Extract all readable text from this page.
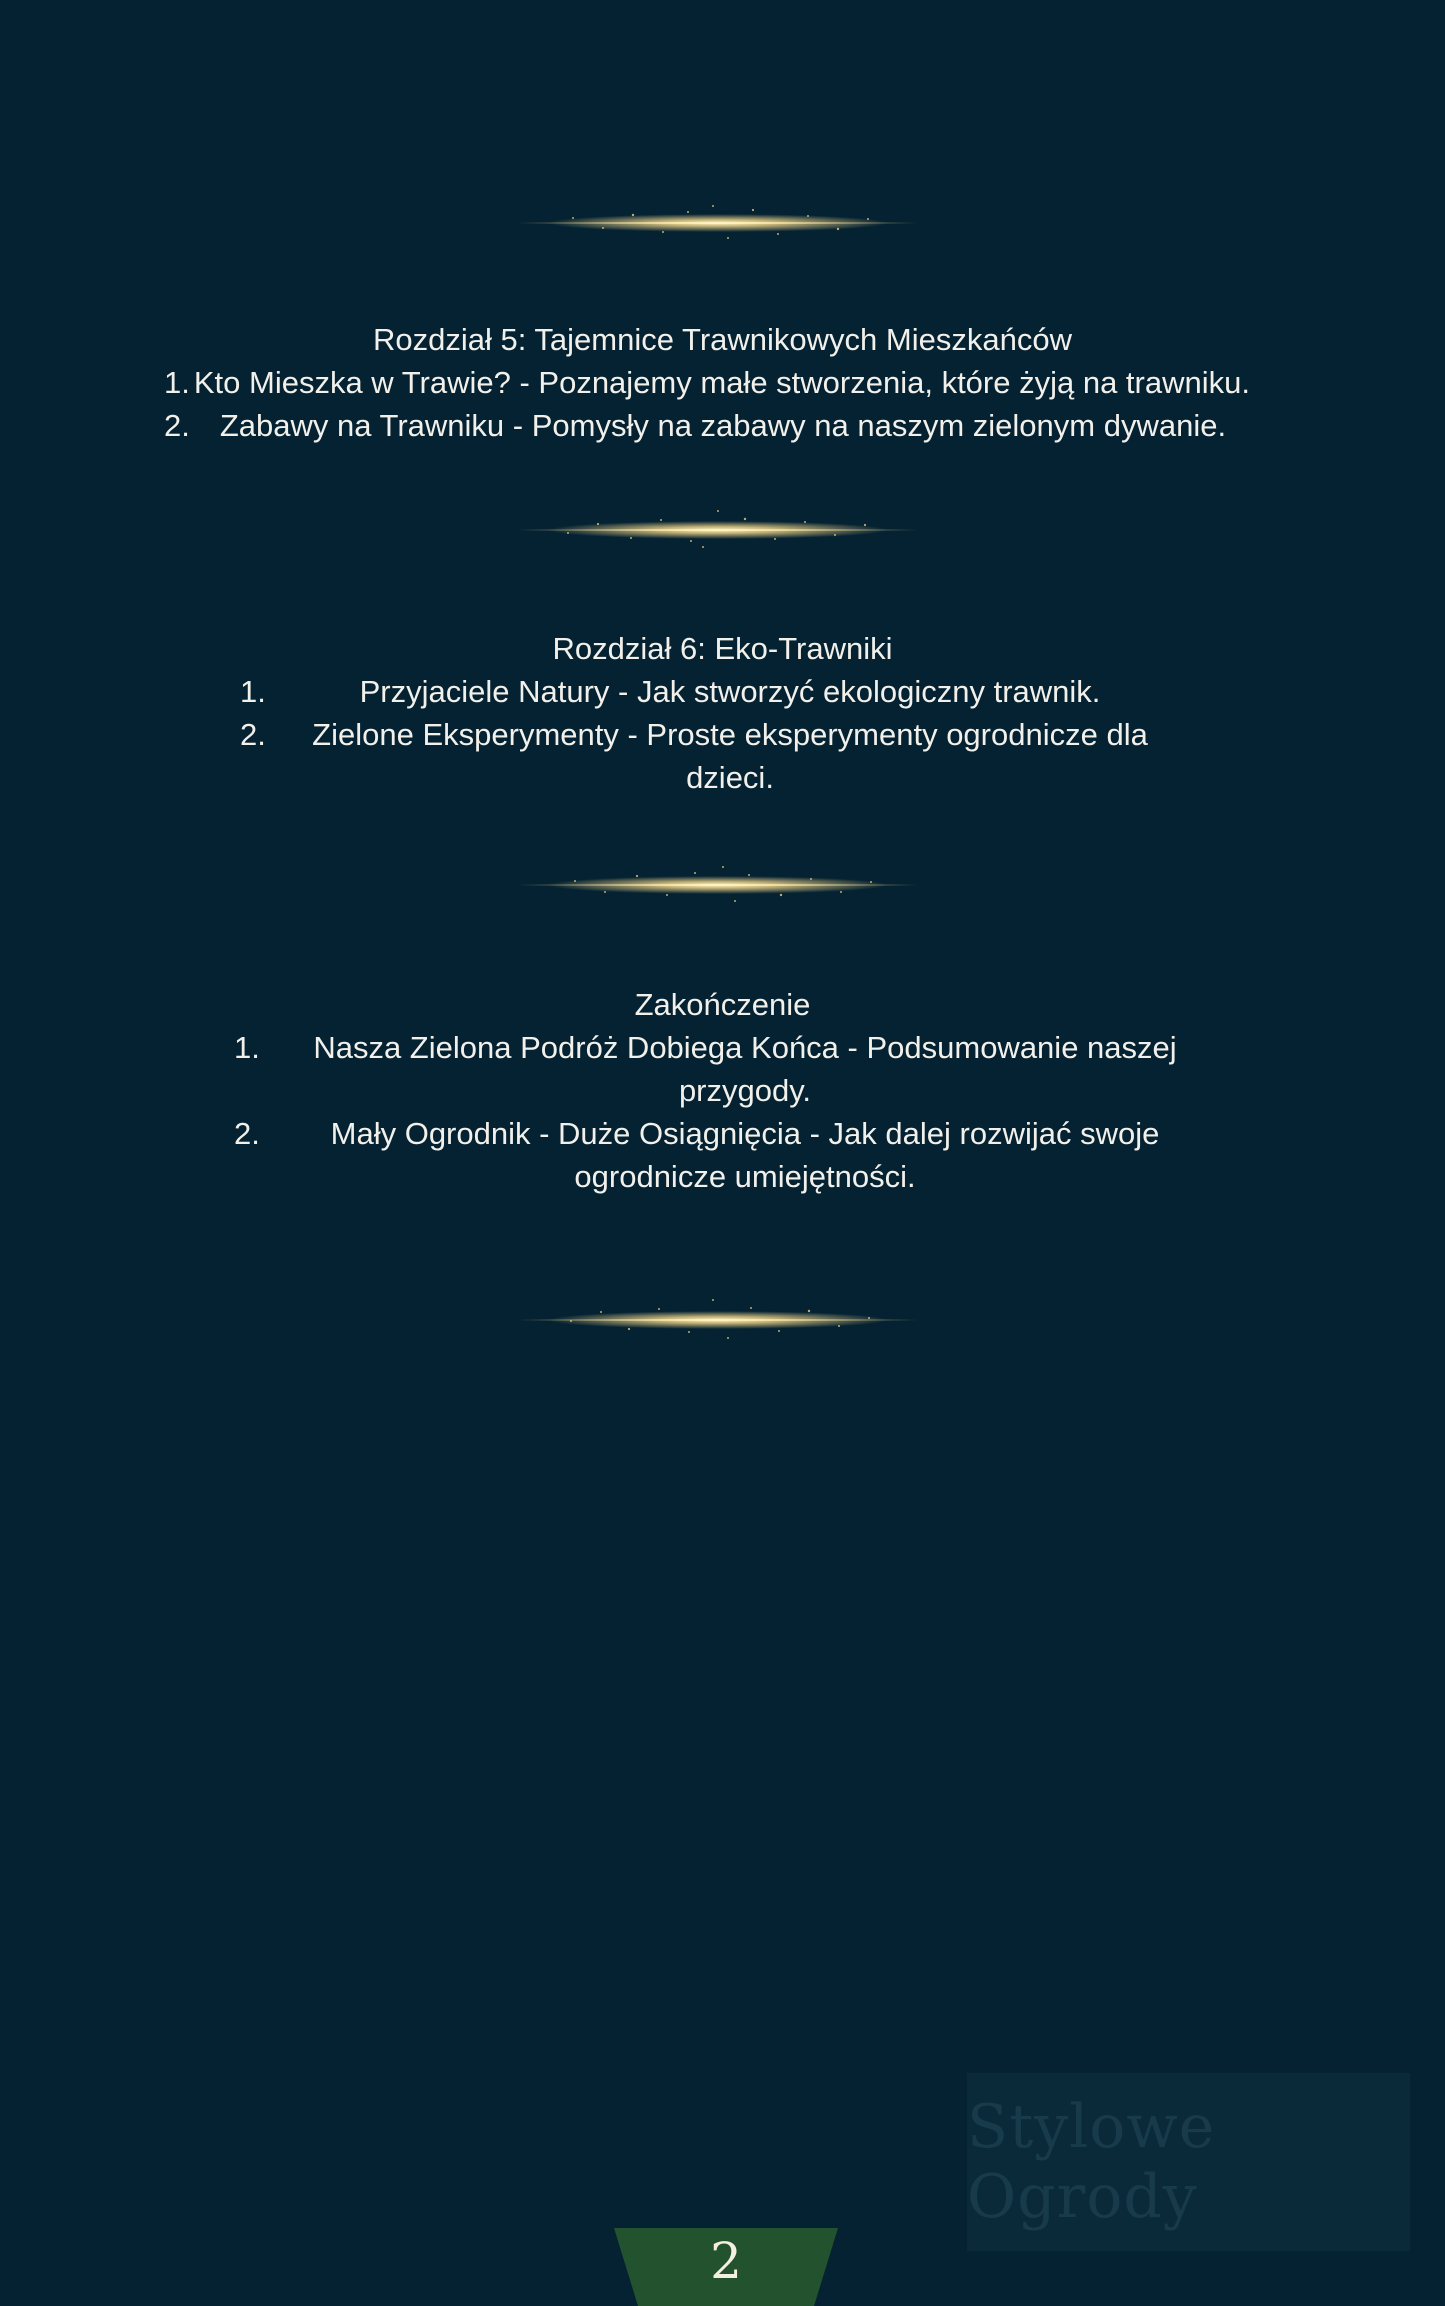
Rozdział 5: Tajemnice Trawnikowych Mieszkańców
1. Kto Mieszka w Trawie? - Poznajemy małe stworzenia, które żyją na trawniku.
2. Zabawy na Trawniku - Pomysły na zabawy na naszym zielonym dywanie.
Rozdział 6: Eko-Trawniki
1.	Przyjaciele Natury - Jak stworzyć ekologiczny trawnik.
2.	Zielone Eksperymenty - Proste eksperymenty ogrodnicze dla
dzieci.
Zakończenie
1.	Nasza Zielona Podróż Dobiega Końca - Podsumowanie naszej
przygody.
2.	Mały Ogrodnik - Duże Osiągnięcia - Jak dalej rozwijać swoje
ogrodnicze umiejętności.
Stylowe Ogrody
2
